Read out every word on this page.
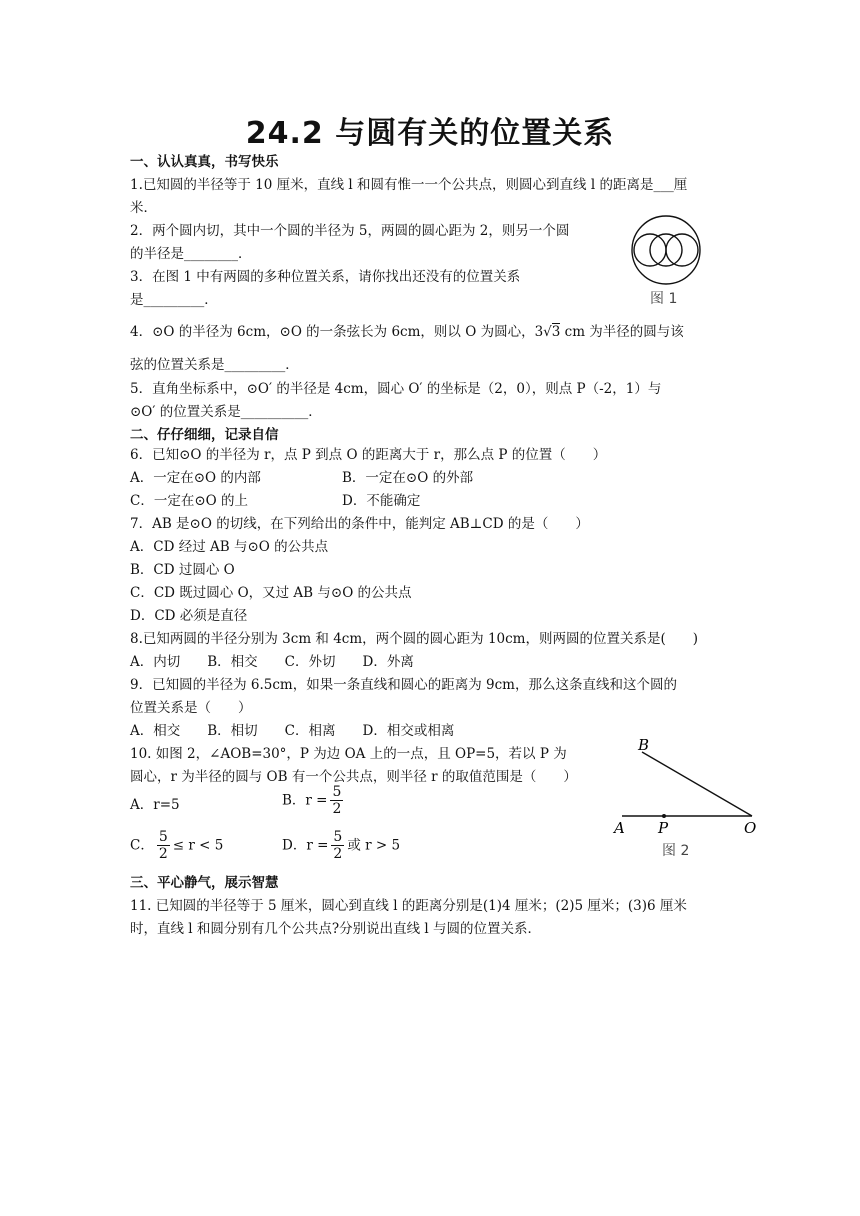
24.2 与圆有关的位置关系
一、认认真真，书写快乐
1.已知圆的半径等于 10 厘米，直线 l 和圆有惟一一个公共点，则圆心到直线 l 的距离是___厘
米．
2．两个圆内切，其中一个圆的半径为 5，两圆的圆心距为 2，则另一个圆
的半径是________．
3．在图 1 中有两圆的多种位置关系，请你找出还没有的位置关系
是_________．
4．⊙O 的半径为 6cm，⊙O 的一条弦长为 6cm，则以 O 为圆心，3√3 cm 为半径的圆与该
弦的位置关系是_________．
5．直角坐标系中，⊙O′ 的半径是 4cm，圆心 O′ 的坐标是（2，0），则点 P（-2，1）与
⊙O′ 的位置关系是__________．
二、仔仔细细，记录自信
6．已知⊙O 的半径为 r，点 P 到点 O 的距离大于 r，那么点 P 的位置（　　）
A．一定在⊙O 的内部	B．一定在⊙O 的外部
C．一定在⊙O 的上	D．不能确定
7．AB 是⊙O 的切线，在下列给出的条件中，能判定 AB⊥CD 的是（　　）
A．CD 经过 AB 与⊙O 的公共点
B．CD 过圆心 O
C．CD 既过圆心 O，又过 AB 与⊙O 的公共点
D．CD 必须是直径
8.已知两圆的半径分别为 3cm 和 4cm，两个圆的圆心距为 10cm，则两圆的位置关系是(　　)
A．内切　　B．相交　　C．外切　　D．外离
9．已知圆的半径为 6.5cm，如果一条直线和圆心的距离为 9cm，那么这条直线和这个圆的
位置关系是（　　）
A．相交　　B．相切　　C．相离　　D．相交或相离
10. 如图 2，∠AOB=30°，P 为边 OA 上的一点，且 OP=5，若以 P 为
圆心，r 为半径的圆与 OB 有一个公共点，则半径 r 的取值范围是（　　）
A．r=5	B．$r = \frac{5}{2}$
C． $\frac{5}{2} \le r < 5$	D．$r = \frac{5}{2}$ 或 r > 5
三、平心静气，展示智慧
11. 已知圆的半径等于 5 厘米，圆心到直线 l 的距离分别是(1)4 厘米；(2)5 厘米；(3)6 厘米
时，直线 l 和圆分别有几个公共点?分别说出直线 l 与圆的位置关系．
图 1
B
A P	O
图 2
